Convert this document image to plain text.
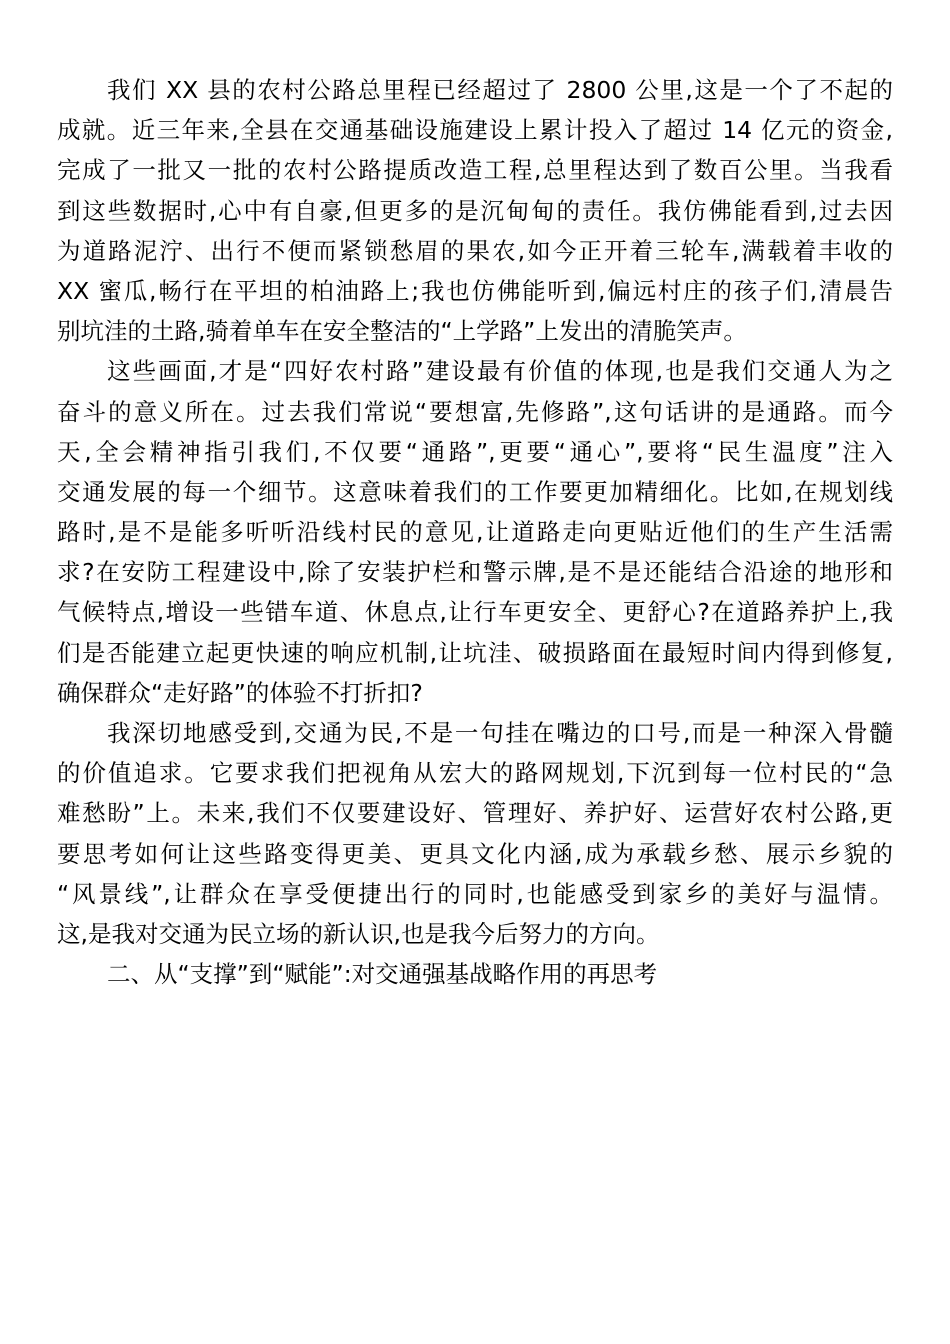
我们 XX 县的农村公路总里程已经超过了 2800 公里,这是一个了不起的
成就。近三年来,全县在交通基础设施建设上累计投入了超过 14 亿元的资金,
完成了一批又一批的农村公路提质改造工程,总里程达到了数百公里。当我看
到这些数据时,心中有自豪,但更多的是沉甸甸的责任。我仿佛能看到,过去因
为道路泥泞、出行不便而紧锁愁眉的果农,如今正开着三轮车,满载着丰收的
XX 蜜瓜,畅行在平坦的柏油路上;我也仿佛能听到,偏远村庄的孩子们,清晨告
别坑洼的土路,骑着单车在安全整洁的“上学路”上发出的清脆笑声。
这些画面,才是“四好农村路”建设最有价值的体现,也是我们交通人为之
奋斗的意义所在。过去我们常说“要想富,先修路”,这句话讲的是通路。而今
天,全会精神指引我们,不仅要“通路”,更要“通心”,要将“民生温度”注入
交通发展的每一个细节。这意味着我们的工作要更加精细化。比如,在规划线
路时,是不是能多听听沿线村民的意见,让道路走向更贴近他们的生产生活需
求?在安防工程建设中,除了安装护栏和警示牌,是不是还能结合沿途的地形和
气候特点,增设一些错车道、休息点,让行车更安全、更舒心?在道路养护上,我
们是否能建立起更快速的响应机制,让坑洼、破损路面在最短时间内得到修复,
确保群众“走好路”的体验不打折扣?
我深切地感受到,交通为民,不是一句挂在嘴边的口号,而是一种深入骨髓
的价值追求。它要求我们把视角从宏大的路网规划,下沉到每一位村民的“急
难愁盼”上。未来,我们不仅要建设好、管理好、养护好、运营好农村公路,更
要思考如何让这些路变得更美、更具文化内涵,成为承载乡愁、展示乡貌的
“风景线”,让群众在享受便捷出行的同时,也能感受到家乡的美好与温情。
这,是我对交通为民立场的新认识,也是我今后努力的方向。
二、从“支撑”到“赋能”:对交通强基战略作用的再思考
